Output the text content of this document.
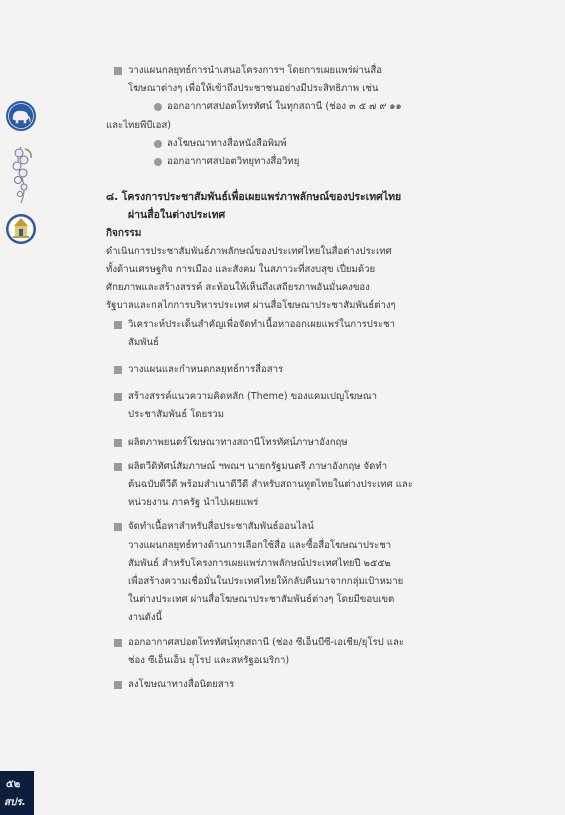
วางแผนกลยุทธ์การนำเสนอโครงการฯ โดยการเผยแพร่ผ่านสื่อ
โฆษณาต่างๆ เพื่อให้เข้าถึงประชาชนอย่างมีประสิทธิภาพ เช่น
ออกอากาศสปอตโทรทัศน์ ในทุกสถานี (ช่อง ๓ ๕ ๗ ๙ ๑๑
และไทยพีบีเอส)
ลงโฆษณาทางสื่อหนังสือพิมพ์
ออกอากาศสปอตวิทยุทางสื่อวิทยุ
๘. โครงการประชาสัมพันธ์เพื่อเผยแพร่ภาพลักษณ์ของประเทศไทย
ผ่านสื่อในต่างประเทศ
กิจกรรม
ดำเนินการประชาสัมพันธ์ภาพลักษณ์ของประเทศไทยในสื่อต่างประเทศ
ทั้งด้านเศรษฐกิจ การเมือง และสังคม ในสภาวะที่สงบสุข เปี่ยมด้วย
ศักยภาพและสร้างสรรค์ สะท้อนให้เห็นถึงเสถียรภาพอันมั่นคงของ
รัฐบาลและกลไกการบริหารประเทศ ผ่านสื่อโฆษณาประชาสัมพันธ์ต่างๆ
วิเคราะห์ประเด็นสำคัญเพื่อจัดทำเนื้อหาออกเผยแพร่ในการประชา
สัมพันธ์
วางแผนและกำหนดกลยุทธ์การสื่อสาร
สร้างสรรค์แนวความคิดหลัก (Theme) ของแคมเปญโฆษณา
ประชาสัมพันธ์ โดยรวม
ผลิตภาพยนตร์โฆษณาทางสถานีโทรทัศน์ภาษาอังกฤษ
ผลิตวีดิทัศน์สัมภาษณ์ ฯพณฯ นายกรัฐมนตรี ภาษาอังกฤษ จัดทำ
ต้นฉบับดีวีดี พร้อมสำเนาดีวีดี สำหรับสถานทูตไทยในต่างประเทศ และ
หน่วยงาน ภาครัฐ นำไปเผยแพร่
จัดทำเนื้อหาสำหรับสื่อประชาสัมพันธ์ออนไลน์
วางแผนกลยุทธ์ทางด้านการเลือกใช้สื่อ และซื้อสื่อโฆษณาประชา
สัมพันธ์ สำหรับโครงการเผยแพร่ภาพลักษณ์ประเทศไทยปี ๒๕๕๒
เพื่อสร้างความเชื่อมั่นในประเทศไทยให้กลับคืนมาจากกลุ่มเป้าหมาย
ในต่างประเทศ ผ่านสื่อโฆษณาประชาสัมพันธ์ต่างๆ โดยมีขอบเขต
งานดังนี้
ออกอากาศสปอตโทรทัศน์ทุกสถานี (ช่อง ซีเอ็นบีซี-เอเชีย/ยุโรป และ
ช่อง ซีเอ็นเอ็น ยุโรป และสหรัฐอเมริกา)
ลงโฆษณาทางสื่อนิตยสาร
๕๒
สปร.
